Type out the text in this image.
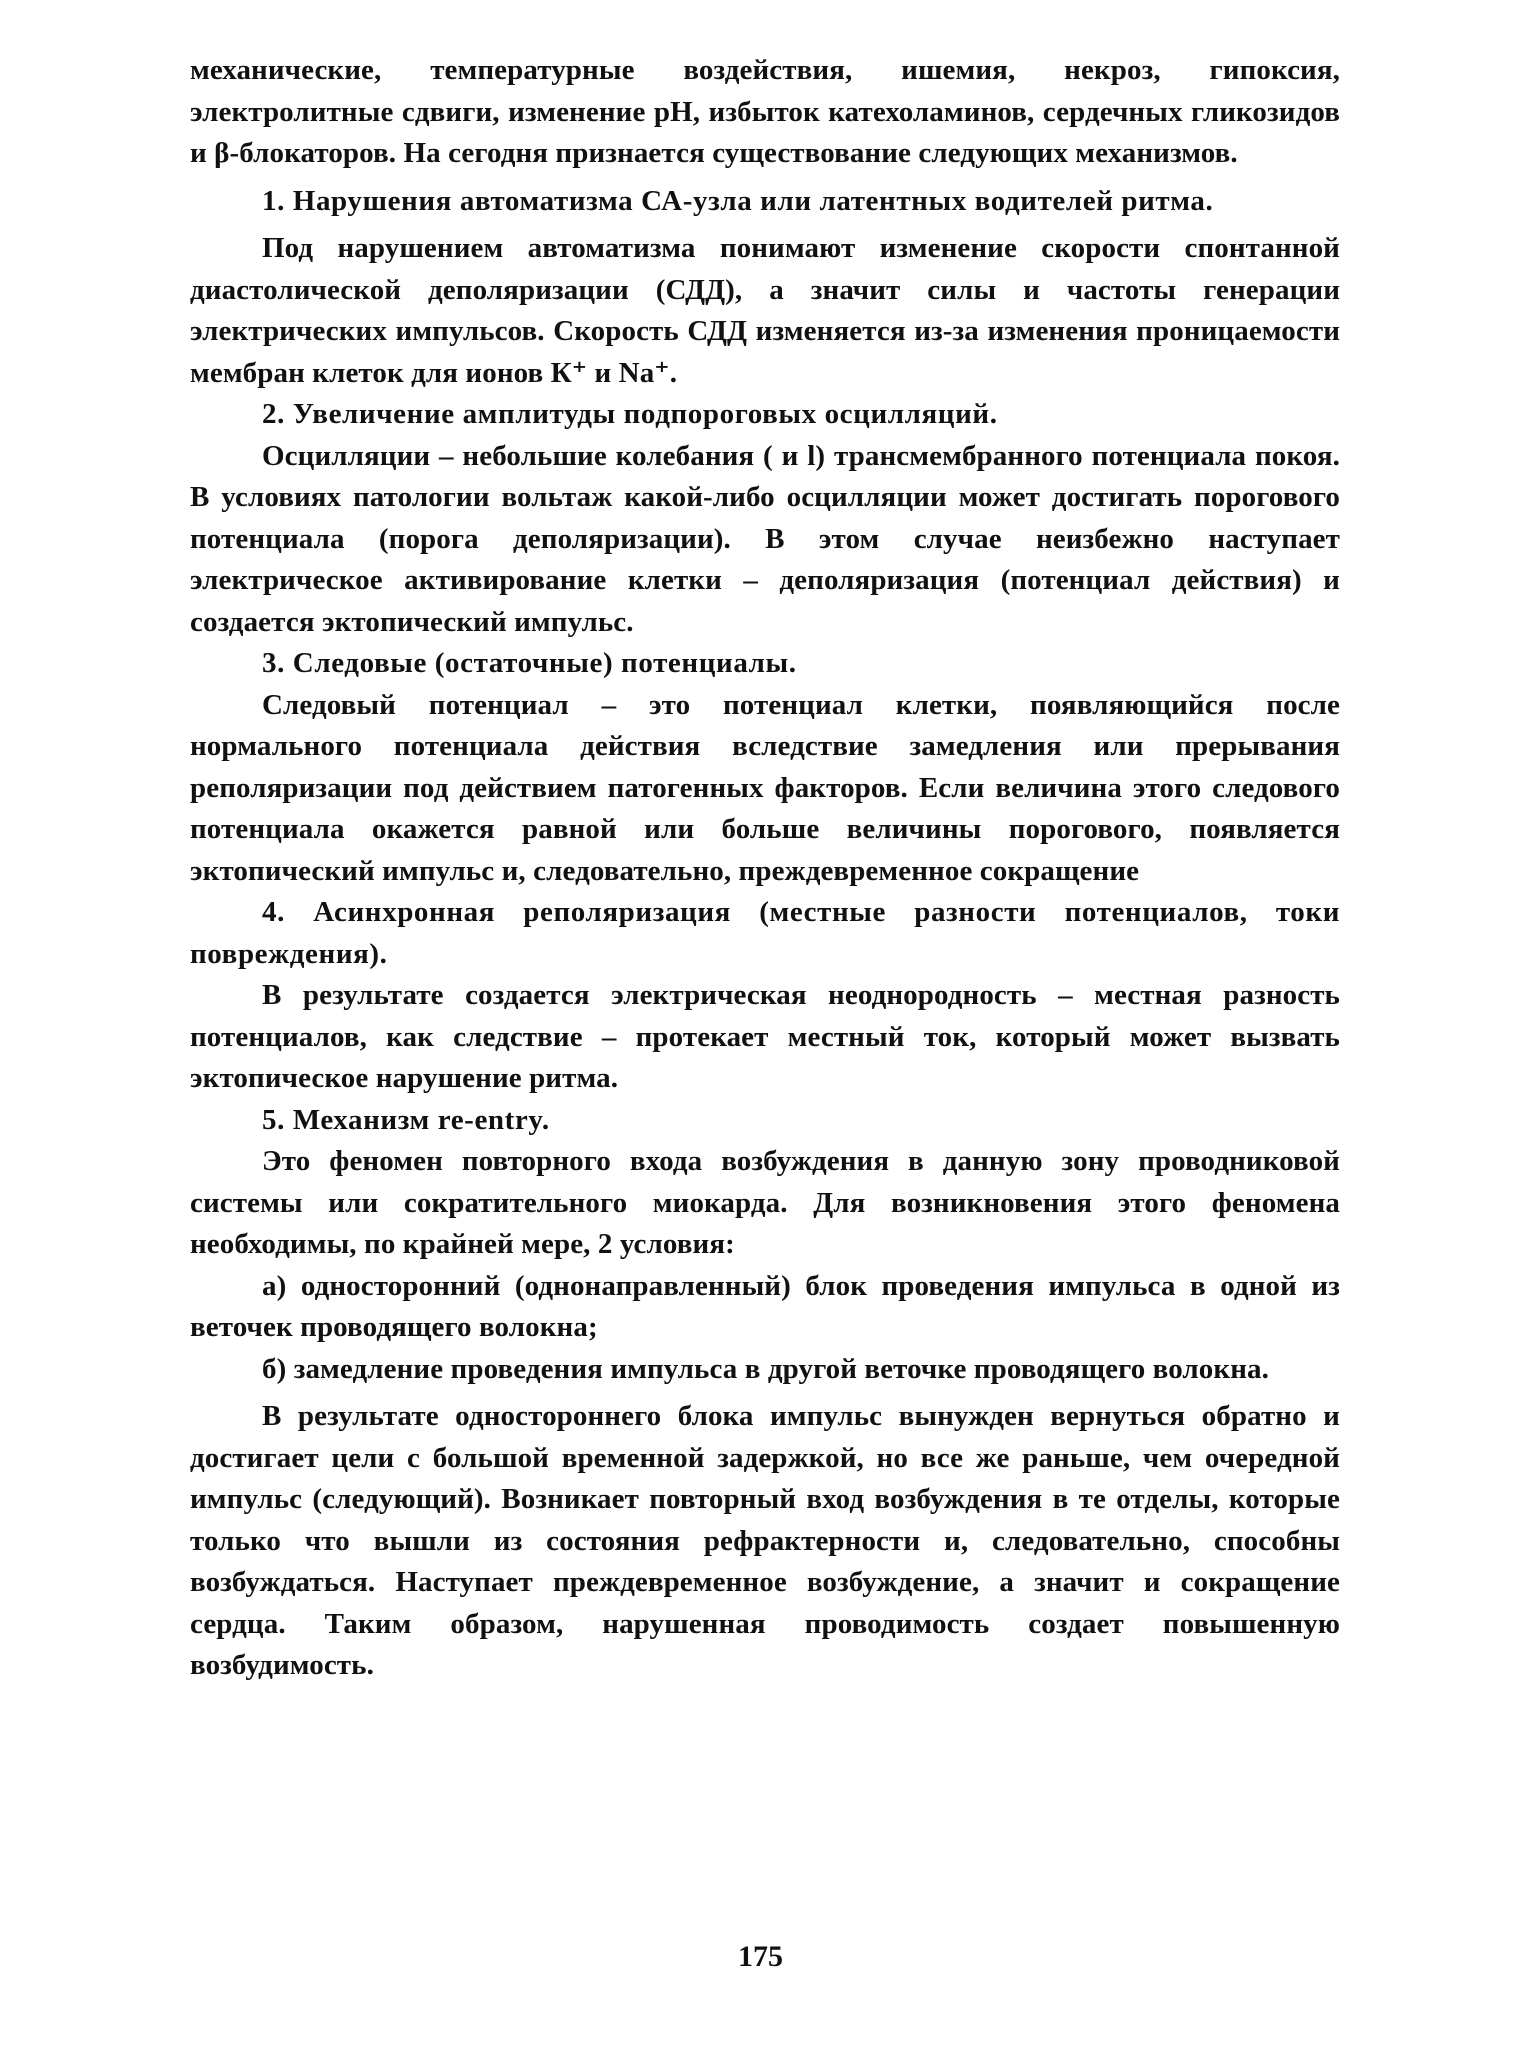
механические, температурные воздействия, ишемия, некроз, гипоксия, электролитные сдвиги, изменение рН, избыток катехоламинов, сердечных гликозидов и β-блокаторов. На сегодня признается существование следующих механизмов.

1. Нарушения автоматизма СА-узла или латентных водителей ритма.

Под нарушением автоматизма понимают изменение скорости спонтанной диастолической деполяризации (СДД), а значит силы и частоты генерации электрических импульсов. Скорость СДД изменяется из-за изменения проницаемости мембран клеток для ионов К⁺ и Na⁺.

2. Увеличение амплитуды подпороговых осцилляций.

Осцилляции – небольшие колебания ( и l) трансмембранного потенциала покоя. В условиях патологии вольтаж какой-либо осцилляции может достигать порогового потенциала (порога деполяризации). В этом случае неизбежно наступает электрическое активирование клетки – деполяризация (потенциал действия) и создается эктопический импульс.

3. Следовые (остаточные) потенциалы.

Следовый потенциал – это потенциал клетки, появляющийся после нормального потенциала действия вследствие замедления или прерывания реполяризации под действием патогенных факторов. Если величина этого следового потенциала окажется равной или больше величины порогового, появляется эктопический импульс и, следовательно, преждевременное сокращение

4. Асинхронная реполяризация (местные разности потенциалов, токи повреждения).

В результате создается электрическая неоднородность – местная разность потенциалов, как следствие – протекает местный ток, который может вызвать эктопическое нарушение ритма.

5. Механизм re-entry.

Это феномен повторного входа возбуждения в данную зону проводниковой системы или сократительного миокарда. Для возникновения этого феномена необходимы, по крайней мере, 2 условия:

а) односторонний (однонаправленный) блок проведения импульса в одной из веточек проводящего волокна;

б) замедление проведения импульса в другой веточке проводящего волокна.

В результате одностороннего блока импульс вынужден вернуться обратно и достигает цели с большой временной задержкой, но все же раньше, чем очередной импульс (следующий). Возникает повторный вход возбуждения в те отделы, которые только что вышли из состояния рефрактерности и, следовательно, способны возбуждаться. Наступает преждевременное возбуждение, а значит и сокращение сердца. Таким образом, нарушенная проводимость создает повышенную возбудимость.

175
